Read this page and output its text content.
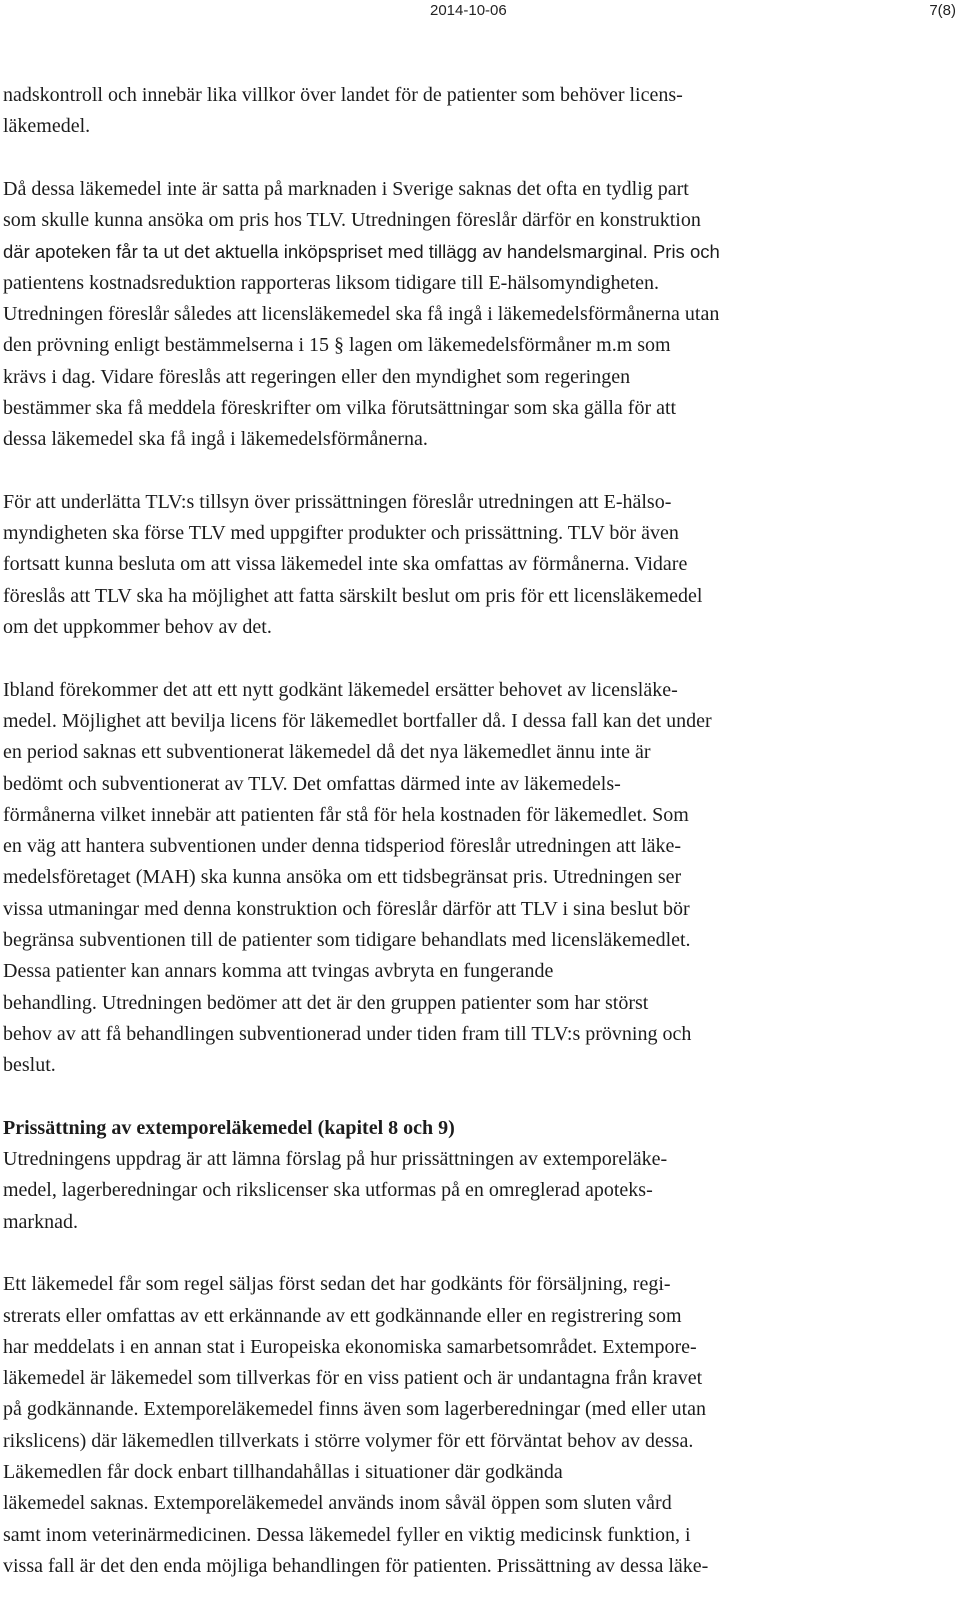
2014-10-06	7(8)
nadskontroll och innebär lika villkor över landet för de patienter som behöver licens-
läkemedel.
Då dessa läkemedel inte är satta på marknaden i Sverige saknas det ofta en tydlig part
som skulle kunna ansöka om pris hos TLV. Utredningen föreslår därför en konstruktion
där apoteken får ta ut det aktuella inköpspriset med tillägg av handelsmarginal. Pris och
patientens kostnadsreduktion rapporteras liksom tidigare till E-hälsomyndigheten.
Utredningen föreslår således att licensläkemedel ska få ingå i läkemedelsförmånerna utan
den prövning enligt bestämmelserna i 15 § lagen om läkemedelsförmåner m.m som
krävs i dag. Vidare föreslås att regeringen eller den myndighet som regeringen
bestämmer ska få meddela föreskrifter om vilka förutsättningar som ska gälla för att
dessa läkemedel ska få ingå i läkemedelsförmånerna.
För att underlätta TLV:s tillsyn över prissättningen föreslår utredningen att E-hälso-
myndigheten ska förse TLV med uppgifter produkter och prissättning. TLV bör även
fortsatt kunna besluta om att vissa läkemedel inte ska omfattas av förmånerna. Vidare
föreslås att TLV ska ha möjlighet att fatta särskilt beslut om pris för ett licensläkemedel
om det uppkommer behov av det.
Ibland förekommer det att ett nytt godkänt läkemedel ersätter behovet av licensläke-
medel. Möjlighet att bevilja licens för läkemedlet bortfaller då. I dessa fall kan det under
en period saknas ett subventionerat läkemedel då det nya läkemedlet ännu inte är
bedömt och subventionerat av TLV. Det omfattas därmed inte av läkemedels-
förmånerna vilket innebär att patienten får stå för hela kostnaden för läkemedlet. Som
en väg att hantera subventionen under denna tidsperiod föreslår utredningen att läke-
medelsföretaget (MAH) ska kunna ansöka om ett tidsbegränsat pris. Utredningen ser
vissa utmaningar med denna konstruktion och föreslår därför att TLV i sina beslut bör
begränsa subventionen till de patienter som tidigare behandlats med licensläkemedlet.
Dessa patienter kan annars komma att tvingas avbryta en fungerande
behandling. Utredningen bedömer att det är den gruppen patienter som har störst
behov av att få behandlingen subventionerad under tiden fram till TLV:s prövning och
beslut.
Prissättning av extemporeläkemedel (kapitel 8 och 9)
Utredningens uppdrag är att lämna förslag på hur prissättningen av extemporeläke-
medel, lagerberedningar och rikslicenser ska utformas på en omreglerad apoteks-
marknad.
Ett läkemedel får som regel säljas först sedan det har godkänts för försäljning, regi-
strerats eller omfattas av ett erkännande av ett godkännande eller en registrering som
har meddelats i en annan stat i Europeiska ekonomiska samarbetsområdet. Extempore-
läkemedel är läkemedel som tillverkas för en viss patient och är undantagna från kravet
på godkännande. Extemporeläkemedel finns även som lagerberedningar (med eller utan
rikslicens) där läkemedlen tillverkats i större volymer för ett förväntat behov av dessa.
Läkemedlen får dock enbart tillhandahållas i situationer där godkända
läkemedel saknas. Extemporeläkemedel används inom såväl öppen som sluten vård
samt inom veterinärmedicinen. Dessa läkemedel fyller en viktig medicinsk funktion, i
vissa fall är det den enda möjliga behandlingen för patienten. Prissättning av dessa läke-
